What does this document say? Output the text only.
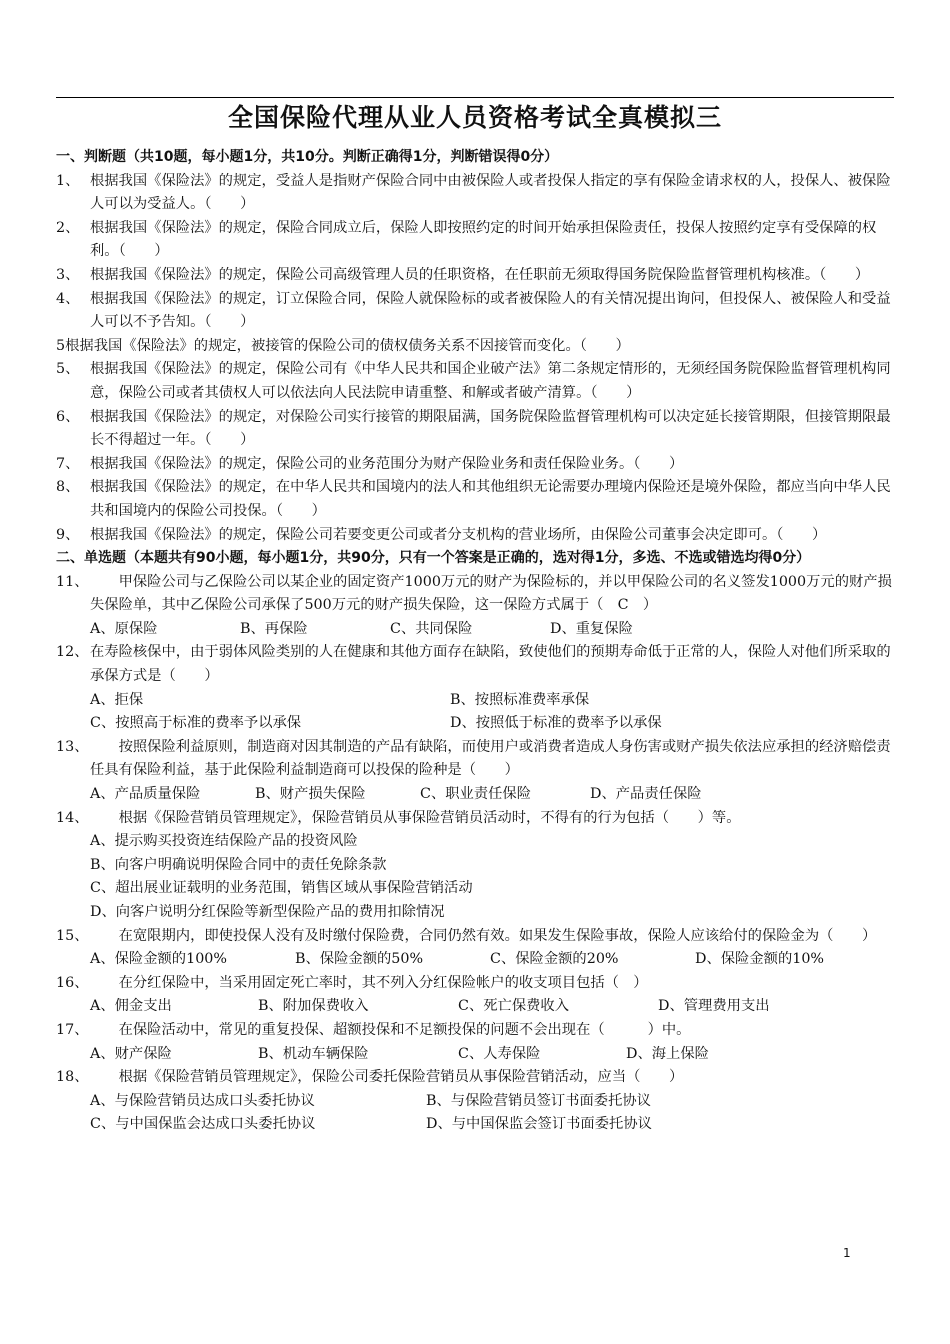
全国保险代理从业人员资格考试全真模拟三
一、判断题（共10题，每小题1分，共10分。判断正确得1分，判断错误得0分）
1、 根据我国《保险法》的规定，受益人是指财产保险合同中由被保险人或者投保人指定的享有保险金请求权的人，投保人、被保险人可以为受益人。（　　）
2、 根据我国《保险法》的规定，保险合同成立后，保险人即按照约定的时间开始承担保险责任，投保人按照约定享有受保障的权利。（　　）
3、 根据我国《保险法》的规定，保险公司高级管理人员的任职资格，在任职前无须取得国务院保险监督管理机构核准。（　　）
4、 根据我国《保险法》的规定，订立保险合同，保险人就保险标的或者被保险人的有关情况提出询问，但投保人、被保险人和受益人可以不予告知。（　　）
5根据我国《保险法》的规定，被接管的保险公司的债权债务关系不因接管而变化。（　　）
5、 根据我国《保险法》的规定，保险公司有《中华人民共和国企业破产法》第二条规定情形的，无须经国务院保险监督管理机构同意，保险公司或者其债权人可以依法向人民法院申请重整、和解或者破产清算。（　　）
6、 根据我国《保险法》的规定，对保险公司实行接管的期限届满，国务院保险监督管理机构可以决定延长接管期限，但接管期限最长不得超过一年。（　　）
7、 根据我国《保险法》的规定，保险公司的业务范围分为财产保险业务和责任保险业务。（　　）
8、 根据我国《保险法》的规定，在中华人民共和国境内的法人和其他组织无论需要办理境内保险还是境外保险，都应当向中华人民共和国境内的保险公司投保。（　　）
9、 根据我国《保险法》的规定，保险公司若要变更公司或者分支机构的营业场所，由保险公司董事会决定即可。（　　）
二、单选题（本题共有90小题，每小题1分，共90分，只有一个答案是正确的，选对得1分，多选、不选或错选均得0分）
11、 　　甲保险公司与乙保险公司以某企业的固定资产1000万元的财产为保险标的，并以甲保险公司的名义签发1000万元的财产损失保险单，其中乙保险公司承保了500万元的财产损失保险，这一保险方式属于（　C　）
A、原保险	B、再保险	C、共同保险	D、重复保险
12、 在寿险核保中，由于弱体风险类别的人在健康和其他方面存在缺陷，致使他们的预期寿命低于正常的人，保险人对他们所采取的承保方式是（　　）
A、拒保	B、按照标准费率承保
C、按照高于标准的费率予以承保	D、按照低于标准的费率予以承保
13、 　　按照保险利益原则，制造商对因其制造的产品有缺陷，而使用户或消费者造成人身伤害或财产损失依法应承担的经济赔偿责任具有保险利益，基于此保险利益制造商可以投保的险种是（　　）
A、产品质量保险	B、财产损失保险	C、职业责任保险	D、产品责任保险
14、 　　根据《保险营销员管理规定》，保险营销员从事保险营销员活动时，不得有的行为包括（　　）等。
A、提示购买投资连结保险产品的投资风险
B、向客户明确说明保险合同中的责任免除条款
C、超出展业证载明的业务范围，销售区域从事保险营销活动
D、向客户说明分红保险等新型保险产品的费用扣除情况
15、 　　在宽限期内，即使投保人没有及时缴付保险费，合同仍然有效。如果发生保险事故，保险人应该给付的保险金为（　　）
A、保险金额的100%	B、保险金额的50%	C、保险金额的20%	D、保险金额的10%
16、 　　在分红保险中，当采用固定死亡率时，其不列入分红保险帐户的收支项目包括（　）
A、佣金支出	B、附加保费收入	C、死亡保费收入	D、管理费用支出
17、 　　在保险活动中，常见的重复投保、超额投保和不足额投保的问题不会出现在（　　　）中。
A、财产保险	B、机动车辆保险	C、人寿保险	D、海上保险
18、 　　根据《保险营销员管理规定》，保险公司委托保险营销员从事保险营销活动，应当（　　）
A、与保险营销员达成口头委托协议	B、与保险营销员签订书面委托协议
C、与中国保监会达成口头委托协议	D、与中国保监会签订书面委托协议
1
